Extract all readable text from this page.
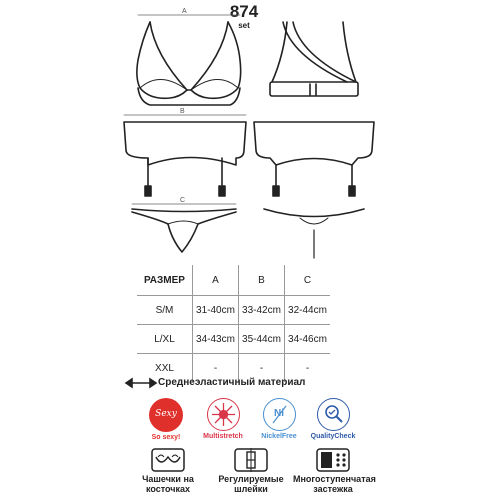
874
set
A
B
C
РАЗМЕР	A	B	C
S/M	31-40cm	33-42cm	32-44cm
L/XL	34-43cm	35-44cm	34-46cm
XXL	-	-	-
Среднеэластичный материал
Sexy
So sexy!	Multistretch
Ni
NickelFree	QualityCheck
Чашечки на
косточках
Регулируемые
шлейки
Многоступенчатая
застежка
